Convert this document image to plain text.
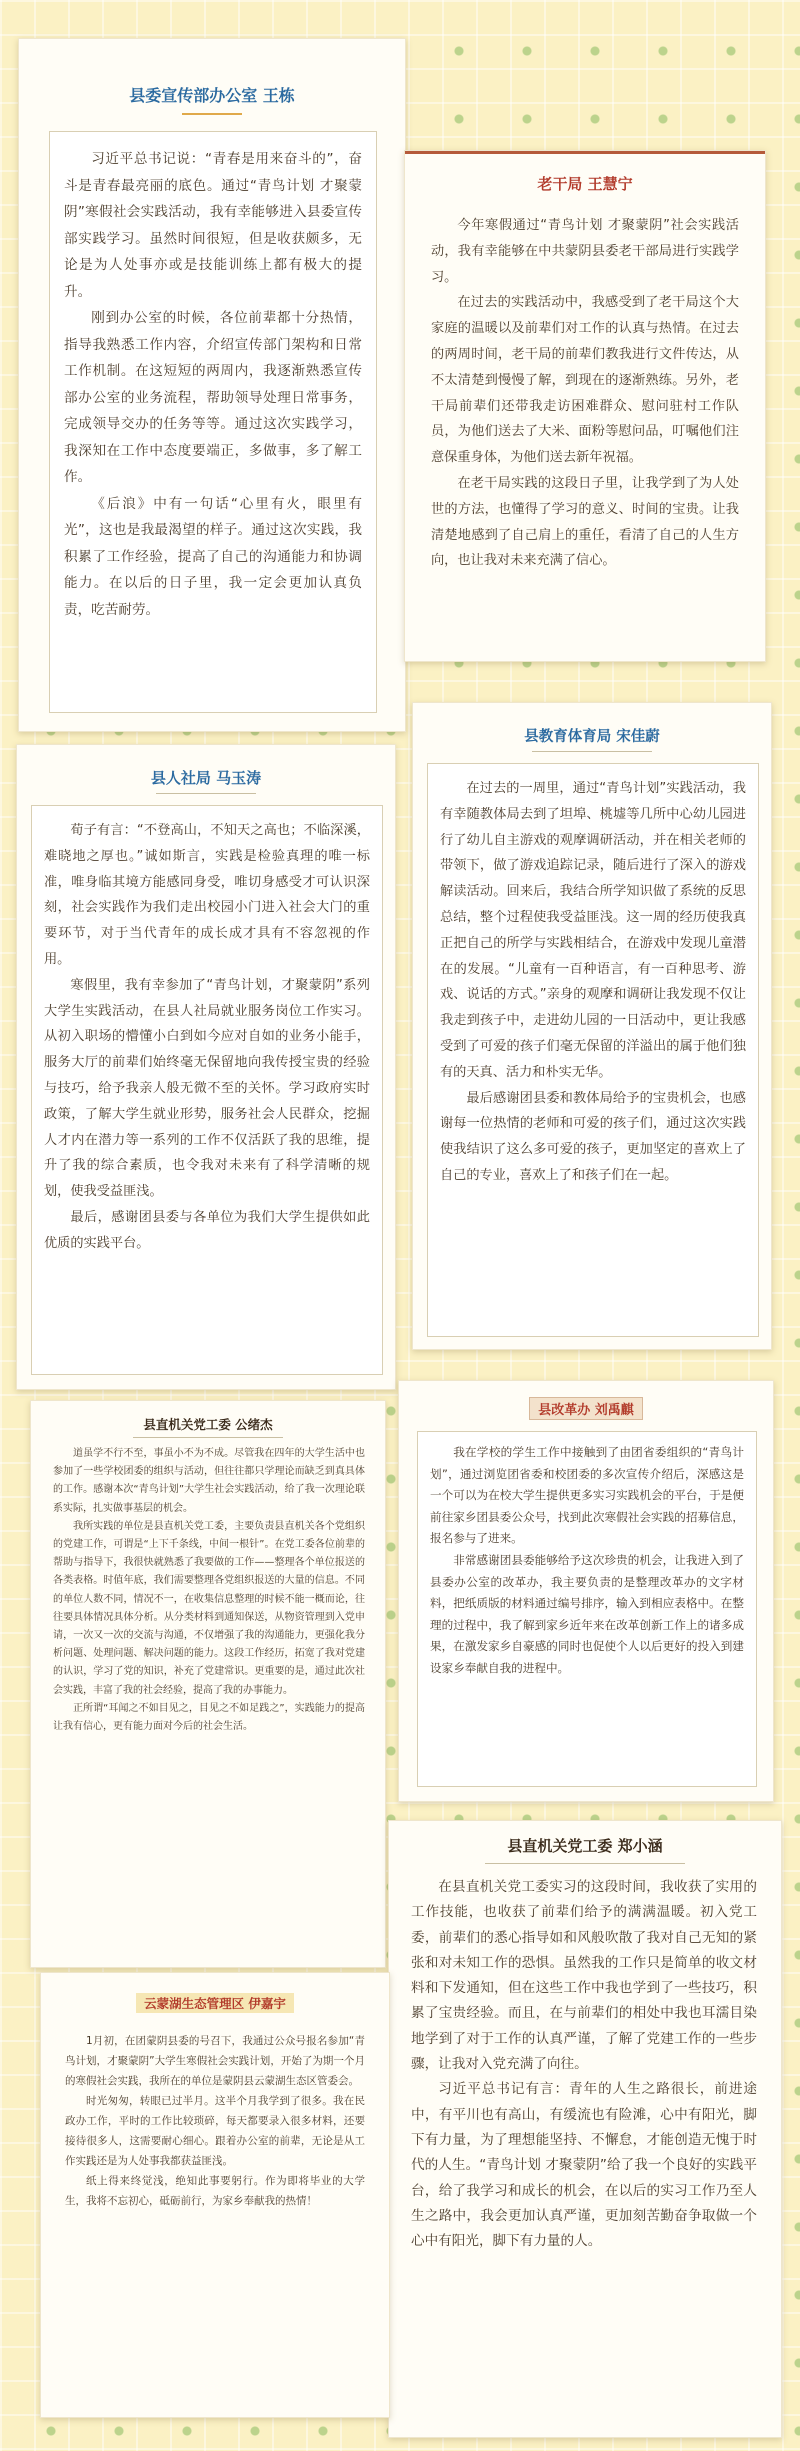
县委宣传部办公室 王栋

习近平总书记说：“青春是用来奋斗的”，奋斗是青春最亮丽的底色。通过“青鸟计划 才聚蒙阴”寒假社会实践活动，我有幸能够进入县委宣传部实践学习。虽然时间很短，但是收获颇多，无论是为人处事亦或是技能训练上都有极大的提升。

刚到办公室的时候，各位前辈都十分热情，指导我熟悉工作内容，介绍宣传部门架构和日常工作机制。在这短短的两周内，我逐渐熟悉宣传部办公室的业务流程，帮助领导处理日常事务，完成领导交办的任务等等。通过这次实践学习，我深知在工作中态度要端正，多做事，多了解工作。

《后浪》中有一句话“心里有火，眼里有光”，这也是我最渴望的样子。通过这次实践，我积累了工作经验，提高了自己的沟通能力和协调能力。在以后的日子里，我一定会更加认真负责，吃苦耐劳。

老干局 王慧宁

今年寒假通过“青鸟计划 才聚蒙阴”社会实践活动，我有幸能够在中共蒙阴县委老干部局进行实践学习。

在过去的实践活动中，我感受到了老干局这个大家庭的温暖以及前辈们对工作的认真与热情。在过去的两周时间，老干局的前辈们教我进行文件传达，从不太清楚到慢慢了解，到现在的逐渐熟练。另外，老干局前辈们还带我走访困难群众、慰问驻村工作队员，为他们送去了大米、面粉等慰问品，叮嘱他们注意保重身体，为他们送去新年祝福。

在老干局实践的这段日子里，让我学到了为人处世的方法，也懂得了学习的意义、时间的宝贵。让我清楚地感到了自己肩上的重任，看清了自己的人生方向，也让我对未来充满了信心。

县教育体育局 宋佳蔚

在过去的一周里，通过“青鸟计划”实践活动，我有幸随教体局去到了坦埠、桃墟等几所中心幼儿园进行了幼儿自主游戏的观摩调研活动，并在相关老师的带领下，做了游戏追踪记录，随后进行了深入的游戏解读活动。回来后，我结合所学知识做了系统的反思总结，整个过程使我受益匪浅。这一周的经历使我真正把自己的所学与实践相结合，在游戏中发现儿童潜在的发展。“儿童有一百种语言，有一百种思考、游戏、说话的方式。”亲身的观摩和调研让我发现不仅让我走到孩子中，走进幼儿园的一日活动中，更让我感受到了可爱的孩子们毫无保留的洋溢出的属于他们独有的天真、活力和朴实无华。

最后感谢团县委和教体局给予的宝贵机会，也感谢每一位热情的老师和可爱的孩子们，通过这次实践使我结识了这么多可爱的孩子，更加坚定的喜欢上了自己的专业，喜欢上了和孩子们在一起。

县人社局 马玉涛

荀子有言：“不登高山，不知天之高也；不临深溪，难晓地之厚也。”诚如斯言，实践是检验真理的唯一标准，唯身临其境方能感同身受，唯切身感受才可认识深刻，社会实践作为我们走出校园小门进入社会大门的重要环节，对于当代青年的成长成才具有不容忽视的作用。

寒假里，我有幸参加了“青鸟计划，才聚蒙阴”系列大学生实践活动，在县人社局就业服务岗位工作实习。从初入职场的懵懂小白到如今应对自如的业务小能手，服务大厅的前辈们始终毫无保留地向我传授宝贵的经验与技巧，给予我亲人般无微不至的关怀。学习政府实时政策，了解大学生就业形势，服务社会人民群众，挖掘人才内在潜力等一系列的工作不仅活跃了我的思维，提升了我的综合素质，也令我对未来有了科学清晰的规划，使我受益匪浅。

最后，感谢团县委与各单位为我们大学生提供如此优质的实践平台。

县改革办 刘禹麒

我在学校的学生工作中接触到了由团省委组织的“青鸟计划”，通过浏览团省委和校团委的多次宣传介绍后，深感这是一个可以为在校大学生提供更多实习实践机会的平台，于是便前往家乡团县委公众号，找到此次寒假社会实践的招募信息，报名参与了进来。

非常感谢团县委能够给予这次珍贵的机会，让我进入到了县委办公室的改革办，我主要负责的是整理改革办的文字材料，把纸质版的材料通过编号排序，输入到相应表格中。在整理的过程中，我了解到家乡近年来在改革创新工作上的诸多成果，在激发家乡自豪感的同时也促使个人以后更好的投入到建设家乡奉献自我的进程中。

县直机关党工委 公绪杰

道虽学不行不至，事虽小不为不成。尽管我在四年的大学生活中也参加了一些学校团委的组织与活动，但往往都只学理论而缺乏到真具体的工作。感谢本次“青鸟计划”大学生社会实践活动，给了我一次理论联系实际，扎实做事基层的机会。

我所实践的单位是县直机关党工委，主要负责县直机关各个党组织的党建工作，可谓是“上下千条线，中间一根针”。在党工委各位前辈的帮助与指导下，我很快就熟悉了我要做的工作——整理各个单位报送的各类表格。时值年底，我们需要整理各党组织报送的大量的信息。不同的单位人数不同，情况不一，在收集信息整理的时候不能一概而论，往往要具体情况具体分析。从分类材料到通知保送，从物资管理到入党申请，一次又一次的交流与沟通，不仅增强了我的沟通能力，更强化我分析问题、处理问题、解决问题的能力。这段工作经历，拓宽了我对党建的认识，学习了党的知识，补充了党建常识。更重要的是，通过此次社会实践，丰富了我的社会经验，提高了我的办事能力。

正所谓“耳闻之不如目见之，目见之不如足践之”，实践能力的提高让我有信心，更有能力面对今后的社会生活。

县直机关党工委 郑小涵

在县直机关党工委实习的这段时间，我收获了实用的工作技能，也收获了前辈们给予的满满温暖。初入党工委，前辈们的悉心指导如和风般吹散了我对自己无知的紧张和对未知工作的恐惧。虽然我的工作只是简单的收文材料和下发通知，但在这些工作中我也学到了一些技巧，积累了宝贵经验。而且，在与前辈们的相处中我也耳濡目染地学到了对于工作的认真严谨，了解了党建工作的一些步骤，让我对入党充满了向往。

习近平总书记有言：青年的人生之路很长，前进途中，有平川也有高山，有缓流也有险滩，心中有阳光，脚下有力量，为了理想能坚持、不懈怠，才能创造无愧于时代的人生。“青鸟计划 才聚蒙阴”给了我一个良好的实践平台，给了我学习和成长的机会，在以后的实习工作乃至人生之路中，我会更加认真严谨，更加刻苦勤奋争取做一个心中有阳光，脚下有力量的人。

云蒙湖生态管理区 伊嘉宇

1月初，在团蒙阴县委的号召下，我通过公众号报名参加“青鸟计划，才聚蒙阴”大学生寒假社会实践计划，开始了为期一个月的寒假社会实践，我所在的单位是蒙阴县云蒙湖生态区管委会。

时光匆匆，转眼已过半月。这半个月我学到了很多。我在民政办工作，平时的工作比较琐碎，每天都要录入很多材料，还要接待很多人，这需要耐心细心。跟着办公室的前辈，无论是从工作实践还是为人处事我都获益匪浅。

纸上得来终觉浅，绝知此事要躬行。作为即将毕业的大学生，我将不忘初心，砥砺前行，为家乡奉献我的热情！
